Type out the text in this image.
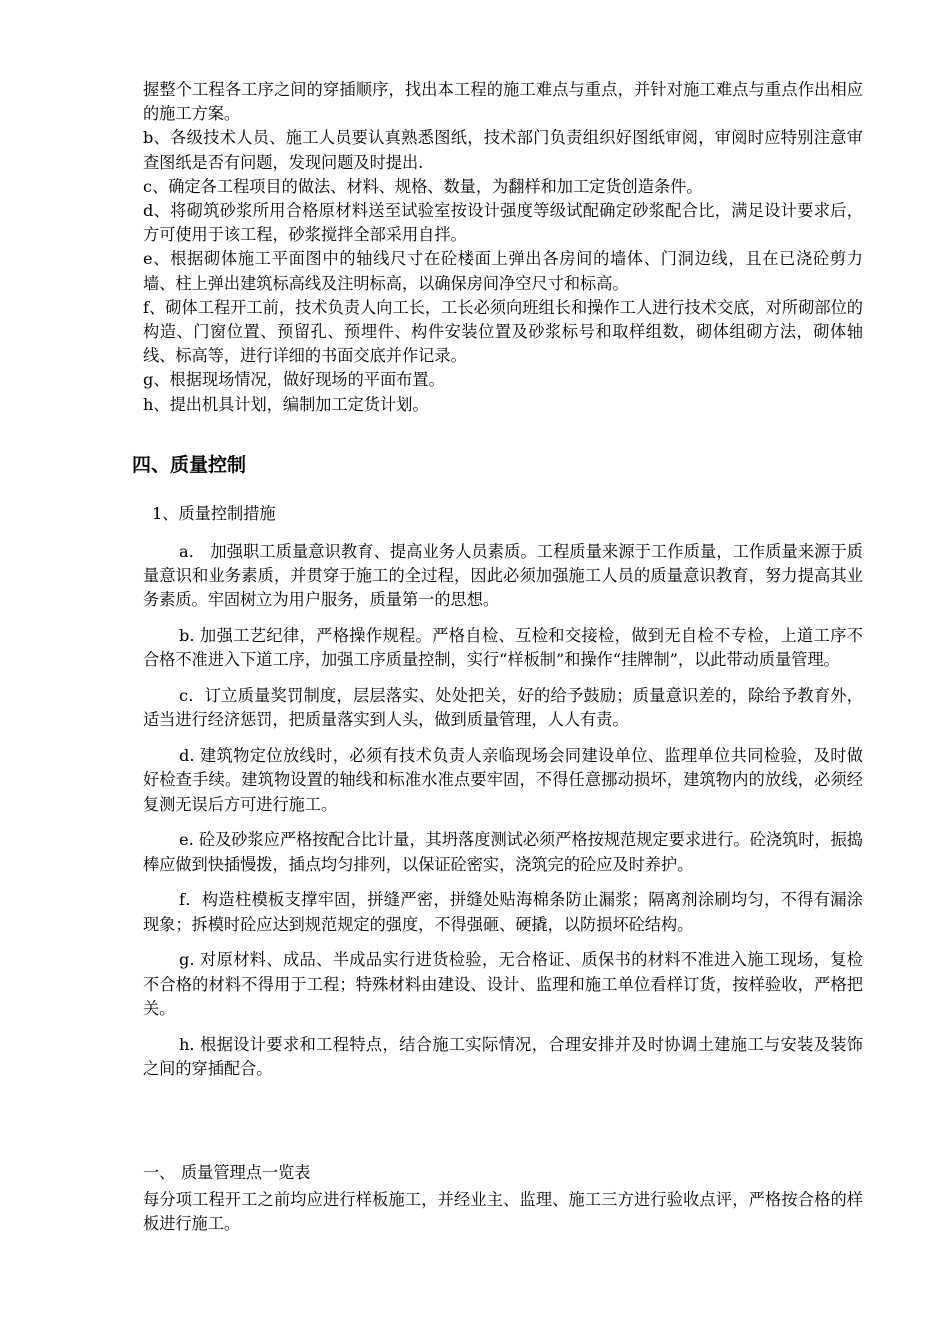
握整个工程各工序之间的穿插顺序，找出本工程的施工难点与重点，并针对施工难点与重点作出相应的施工方案。

b、各级技术人员、施工人员要认真熟悉图纸，技术部门负责组织好图纸审阅，审阅时应特别注意审查图纸是否有问题，发现问题及时提出.

c、确定各工程项目的做法、材料、规格、数量，为翻样和加工定货创造条件。

d、将砌筑砂浆所用合格原材料送至试验室按设计强度等级试配确定砂浆配合比，满足设计要求后，方可使用于该工程，砂浆搅拌全部采用自拌。

e、根据砌体施工平面图中的轴线尺寸在砼楼面上弹出各房间的墙体、门洞边线，且在已浇砼剪力墙、柱上弹出建筑标高线及注明标高，以确保房间净空尺寸和标高。

f、砌体工程开工前，技术负责人向工长，工长必须向班组长和操作工人进行技术交底，对所砌部位的构造、门窗位置、预留孔、预埋件、构件安装位置及砂浆标号和取样组数，砌体组砌方法，砌体轴线、标高等，进行详细的书面交底并作记录。

g、根据现场情况，做好现场的平面布置。

h、提出机具计划，编制加工定货计划。

四、质量控制

1、质量控制措施

a． 加强职工质量意识教育、提高业务人员素质。工程质量来源于工作质量，工作质量来源于质量意识和业务素质，并贯穿于施工的全过程，因此必须加强施工人员的质量意识教育，努力提高其业务素质。牢固树立为用户服务，质量第一的思想。

b. 加强工艺纪律，严格操作规程。严格自检、互检和交接检，做到无自检不专检，上道工序不合格不准进入下道工序，加强工序质量控制，实行“样板制”和操作“挂牌制”，以此带动质量管理。

c．订立质量奖罚制度，层层落实、处处把关，好的给予鼓励；质量意识差的，除给予教育外，适当进行经济惩罚，把质量落实到人头，做到质量管理，人人有责。

d. 建筑物定位放线时，必须有技术负责人亲临现场会同建设单位、监理单位共同检验，及时做好检查手续。建筑物设置的轴线和标准水准点要牢固，不得任意挪动损坏，建筑物内的放线，必须经复测无误后方可进行施工。

e. 砼及砂浆应严格按配合比计量，其坍落度测试必须严格按规范规定要求进行。砼浇筑时，振捣棒应做到快插慢拨，插点均匀排列，以保证砼密实，浇筑完的砼应及时养护。

f．构造柱模板支撑牢固，拼缝严密，拼缝处贴海棉条防止漏浆；隔离剂涂刷均匀，不得有漏涂现象；拆模时砼应达到规范规定的强度，不得强砸、硬撬，以防损坏砼结构。

g. 对原材料、成品、半成品实行进货检验，无合格证、质保书的材料不准进入施工现场，复检不合格的材料不得用于工程；特殊材料由建设、设计、监理和施工单位看样订货，按样验收，严格把关。

h. 根据设计要求和工程特点，结合施工实际情况，合理安排并及时协调土建施工与安装及装饰之间的穿插配合。

一、 质量管理点一览表

每分项工程开工之前均应进行样板施工，并经业主、监理、施工三方进行验收点评，严格按合格的样板进行施工。
